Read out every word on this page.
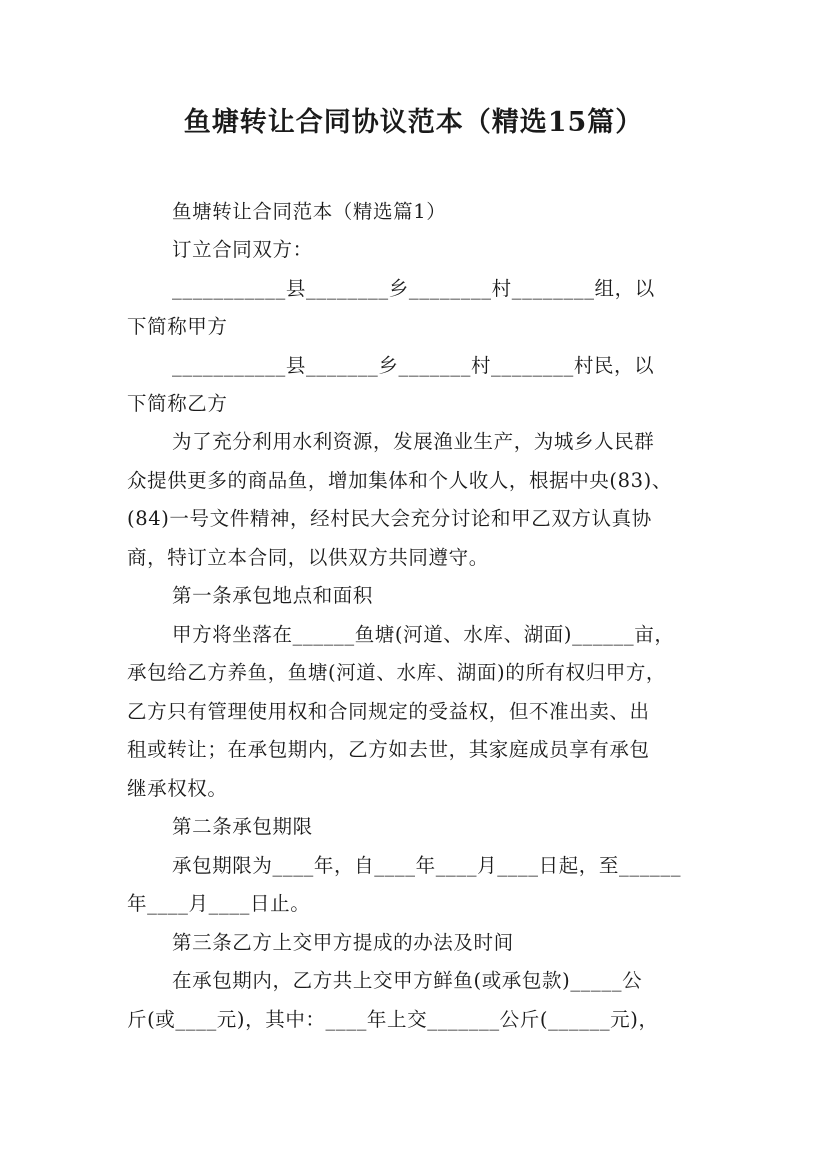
鱼塘转让合同协议范本（精选15篇）
鱼塘转让合同范本（精选篇1）
订立合同双方：
___________县________乡________村________组，以
下简称甲方
___________县_______乡_______村________村民，以
下简称乙方
为了充分利用水利资源，发展渔业生产，为城乡人民群
众提供更多的商品鱼，增加集体和个人收人，根据中央(83)、
(84)一号文件精神，经村民大会充分讨论和甲乙双方认真协
商，特订立本合同，以供双方共同遵守。
第一条承包地点和面积
甲方将坐落在______鱼塘(河道、水库、湖面)______亩，
承包给乙方养鱼，鱼塘(河道、水库、湖面)的所有权归甲方，
乙方只有管理使用权和合同规定的受益权，但不准出卖、出
租或转让；在承包期内，乙方如去世，其家庭成员享有承包
继承权权。
第二条承包期限
承包期限为____年，自____年____月____日起，至______
年____月____日止。
第三条乙方上交甲方提成的办法及时间
在承包期内，乙方共上交甲方鲜鱼(或承包款)_____公
斤(或____元)，其中：____年上交_______公斤(______元)，
